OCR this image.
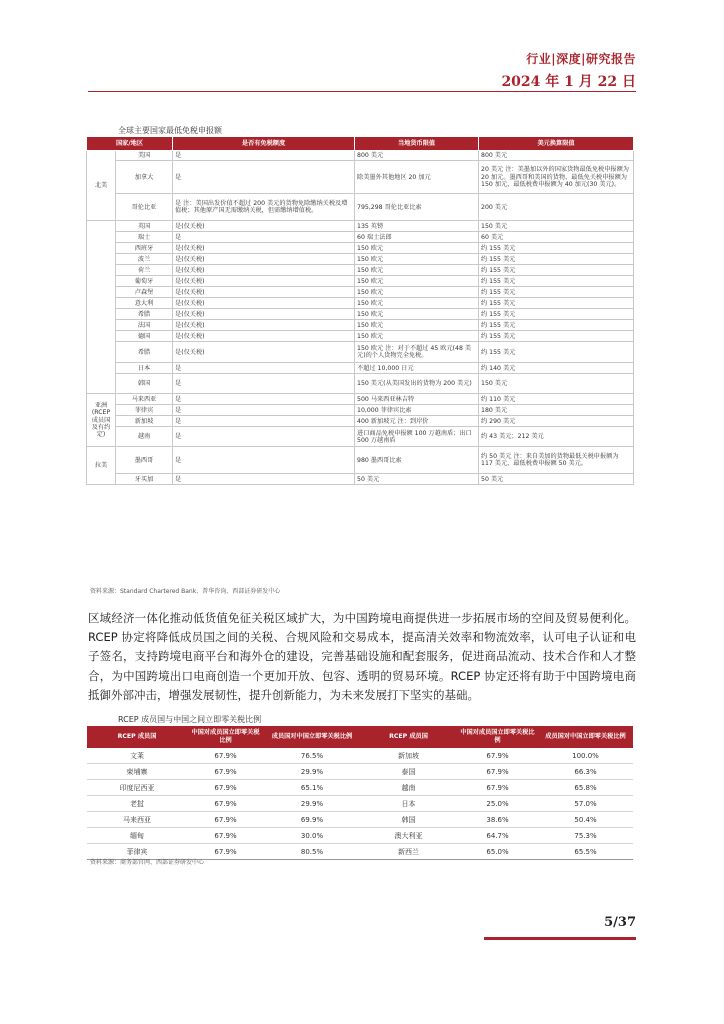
行业|深度|研究报告
2024 年 1 月 22 日
全球主要国家最低免税申报额
国家/地区		是否有免税额度	当地货币限值	美元换算限值
北美	美国	是	800 美元	800 美元
	加拿大	是	除美墨外其他地区 20 加元	20 美元 注：美墨加以外的国家货物最低免税申报额为 20 加元。墨西哥和美国的货物，最低免关税申报额为 150 加元，最低税费申报额为 40 加元(30 美元)。
	哥伦比亚	是 注：美国出发价值不超过 200 美元的货物免除缴纳关税及增值税；其他原产国无需缴纳关税，但需缴纳增值税。	795,298 哥伦比亚比索	200 美元
	英国	是(仅关税)	135 英镑	150 美元
	瑞士	是	60 瑞士法郎	60 美元
	西班牙	是(仅关税)	150 欧元	约 155 美元
	波兰	是(仅关税)	150 欧元	约 155 美元
	荷兰	是(仅关税)	150 欧元	约 155 美元
	葡萄牙	是(仅关税)	150 欧元	约 155 美元
	卢森堡	是(仅关税)	150 欧元	约 155 美元
	意大利	是(仅关税)	150 欧元	约 155 美元
	希腊	是(仅关税)	150 欧元	约 155 美元
	法国	是(仅关税)	150 欧元	约 155 美元
	德国	是(仅关税)	150 欧元	约 155 美元
	希腊	是(仅关税)	150 欧元 注：对于不超过 45 欧元(48 美元)的个人货物完全免税。	约 155 美元
	日本	是	不超过 10,000 日元	约 140 美元
	韩国	是	150 美元(从美国发出的货物为 200 美元)	150 美元
亚洲(RCEP 成员国及有约定)	马来西亚	是	500 马来西亚林吉特	约 110 美元
	菲律宾	是	10,000 菲律宾比索	180 美元
	新加坡	是	400 新加坡元 注：到岸价	约 290 美元
	越南	是	进口商品免税申报额 100 万越南盾；出口 500 万越南盾	约 43 美元；212 美元
拉美	墨西哥	是	980 墨西哥比索	约 50 美元 注：来自美加的货物最低关税申报额为 117 美元，最低税费申报额 50 美元。
	牙买加	是	50 美元	50 美元
资料来源：Standard Chartered Bank、普华咨询、西部证券研发中心
区域经济一体化推动低货值免征关税区域扩大，为中国跨境电商提供进一步拓展市场的空间及贸易便利化。RCEP 协定将降低成员国之间的关税、合规风险和交易成本，提高清关效率和物流效率，认可电子认证和电子签名，支持跨境电商平台和海外仓的建设，完善基础设施和配套服务，促进商品流动、技术合作和人才整合，为中国跨境出口电商创造一个更加开放、包容、透明的贸易环境。RCEP 协定还将有助于中国跨境电商抵御外部冲击，增强发展韧性，提升创新能力，为未来发展打下坚实的基础。
RCEP 成员国与中国之间立即零关税比例
RCEP 成员国	中国对成员国立即零关税比例	成员国对中国立即零关税比例	RCEP 成员国	中国对成员国立即零关税比例	成员国对中国立即零关税比例
文莱	67.9%	76.5%	新加坡	67.9%	100.0%
柬埔寨	67.9%	29.9%	泰国	67.9%	66.3%
印度尼西亚	67.9%	65.1%	越南	67.9%	65.8%
老挝	67.9%	29.9%	日本	25.0%	57.0%
马来西亚	67.9%	69.9%	韩国	38.6%	50.4%
缅甸	67.9%	30.0%	澳大利亚	64.7%	75.3%
菲律宾	67.9%	80.5%	新西兰	65.0%	65.5%
资料来源：商务部官网、西部证券研发中心
5/37
